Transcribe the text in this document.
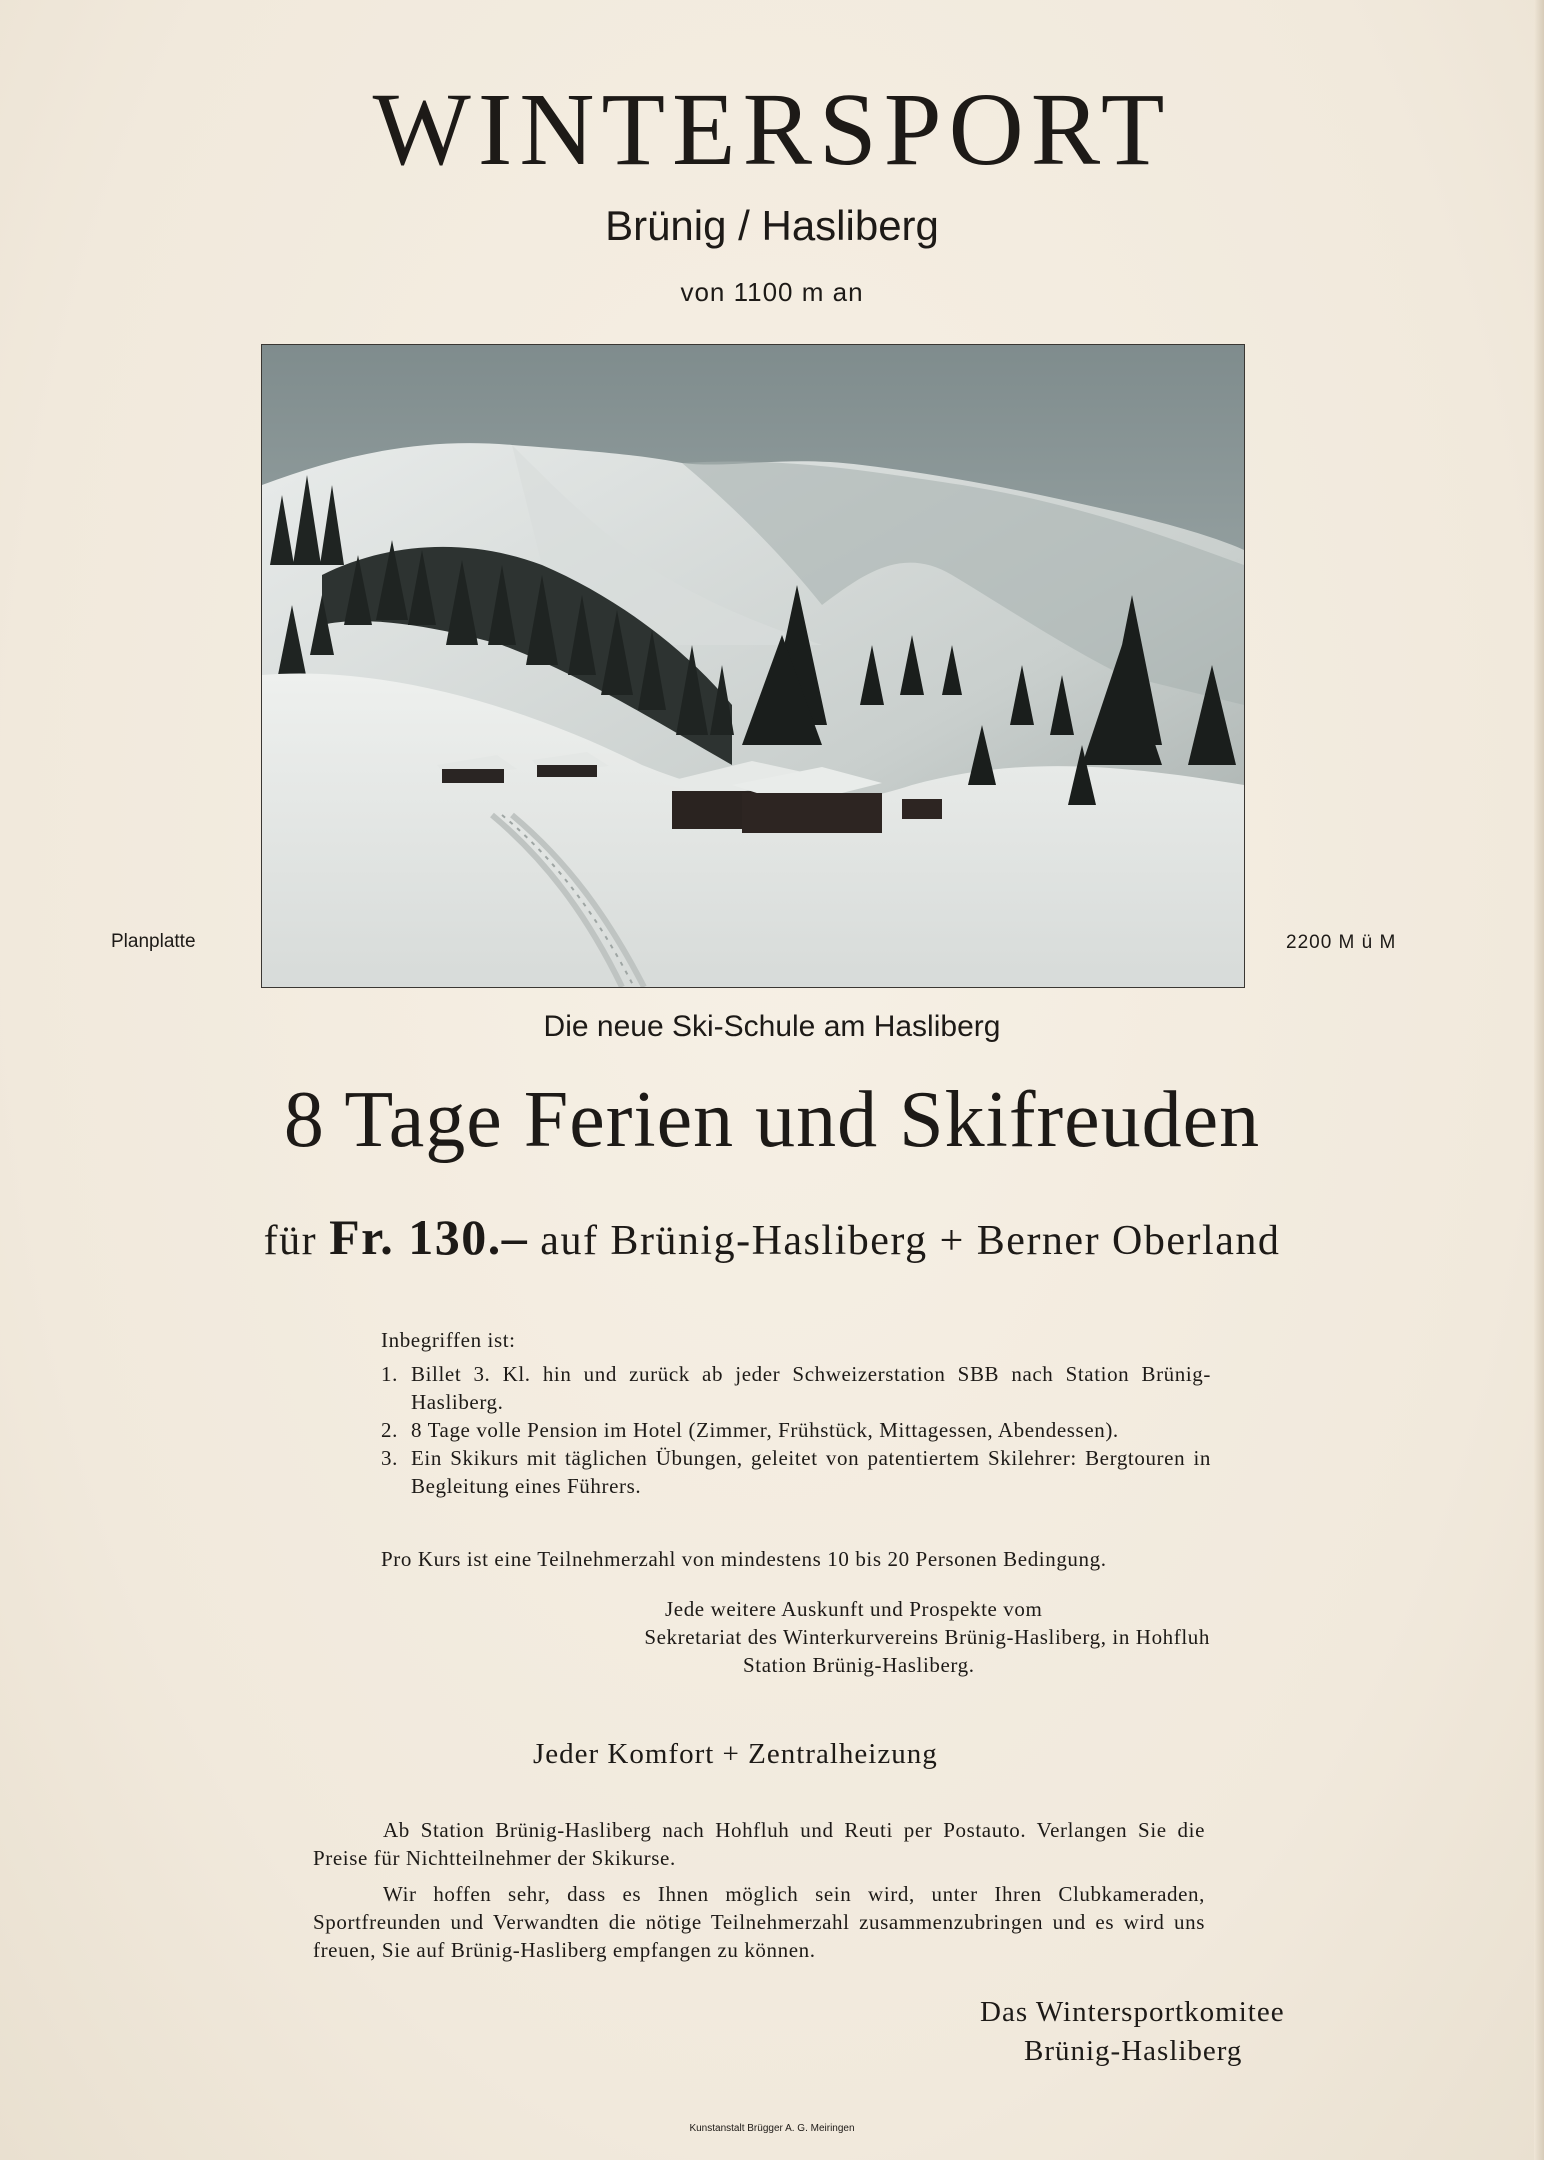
WINTERSPORT
Brünig / Hasliberg
von 1100 m an
Planplatte	2200 M ü M
Die neue Ski-Schule am Hasliberg
8 Tage Ferien und Skifreuden
für Fr. 130.– auf Brünig-Hasliberg + Berner Oberland
Inbegriffen ist:
1. Billet 3. Kl. hin und zurück ab jeder Schweizerstation SBB nach Station Brünig-Hasliberg.
2. 8 Tage volle Pension im Hotel (Zimmer, Frühstück, Mittagessen, Abendessen).
3. Ein Skikurs mit täglichen Übungen, geleitet von patentiertem Skilehrer: Bergtouren in Begleitung eines Führers.
Pro Kurs ist eine Teilnehmerzahl von mindestens 10 bis 20 Personen Bedingung.
Jede weitere Auskunft und Prospekte vom
Sekretariat des Winterkurvereins Brünig-Hasliberg, in Hohfluh
Station Brünig-Hasliberg.
Jeder Komfort + Zentralheizung
Ab Station Brünig-Hasliberg nach Hohfluh und Reuti per Postauto. Verlangen Sie die Preise für Nichtteilnehmer der Skikurse.
Wir hoffen sehr, dass es Ihnen möglich sein wird, unter Ihren Clubkameraden, Sportfreunden und Verwandten die nötige Teilnehmerzahl zusammenzubringen und es wird uns freuen, Sie auf Brünig-Hasliberg empfangen zu können.
Das Wintersportkomitee
Brünig-Hasliberg
Kunstanstalt Brügger A. G. Meiringen
